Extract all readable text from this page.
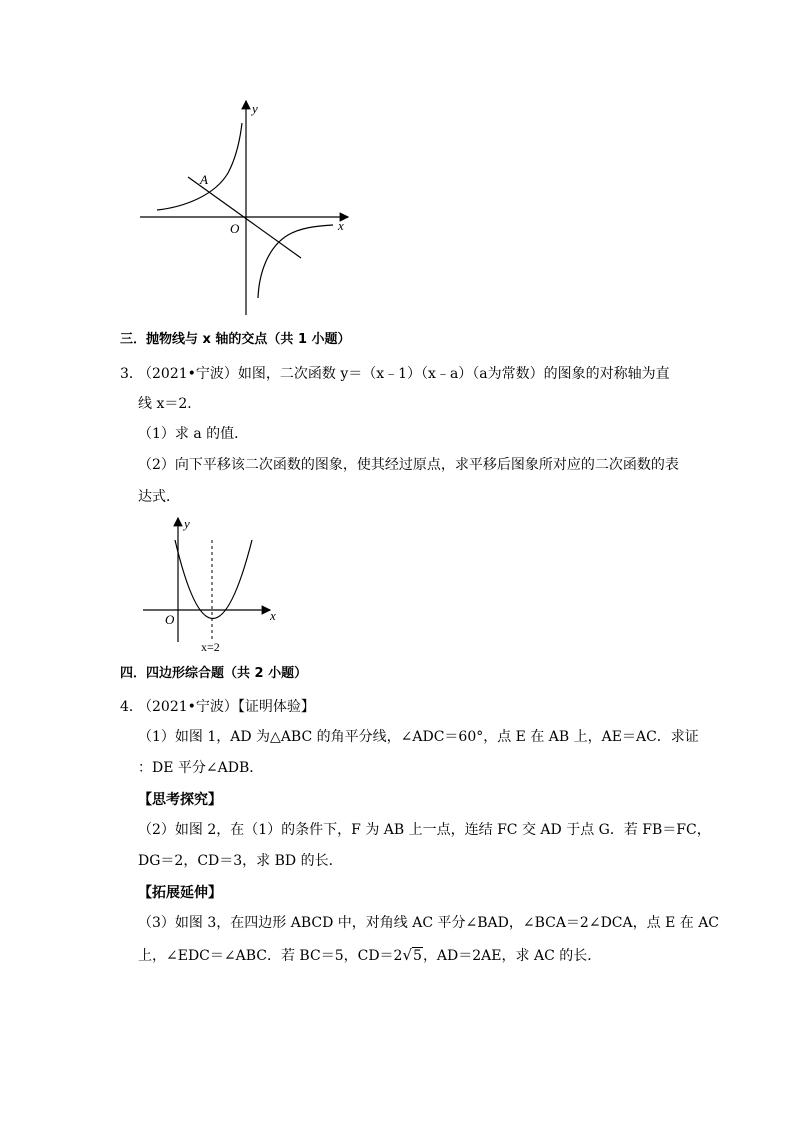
y
x
O
A
三．抛物线与 x 轴的交点（共 1 小题）
3．
（2021•宁波）如图，二次函数 y＝（x﹣1）（x﹣a）（a为常数）的图象的对称轴为直
线 x＝2．
（1）求 a 的值．
（2）向下平移该二次函数的图象，使其经过原点，求平移后图象所对应的二次函数的表
达式．
y
x
O
x=2
四．四边形综合题（共 2 小题）
4．
（2021•宁波）【证明体验】
（1）如图 1，AD 为△ABC 的角平分线，∠ADC＝60°，点 E 在 AB 上，AE＝AC．求证
：DE 平分∠ADB．
【思考探究】
（2）如图 2，在（1）的条件下，F 为 AB 上一点，连结 FC 交 AD 于点 G．若 FB＝FC，
DG＝2，CD＝3，求 BD 的长．
【拓展延伸】
（3）如图 3，在四边形 ABCD 中，对角线 AC 平分∠BAD，∠BCA＝2∠DCA，点 E 在 AC
上，∠EDC＝∠ABC．若 BC＝5，CD＝2√5，AD＝2AE，求 AC 的长．
